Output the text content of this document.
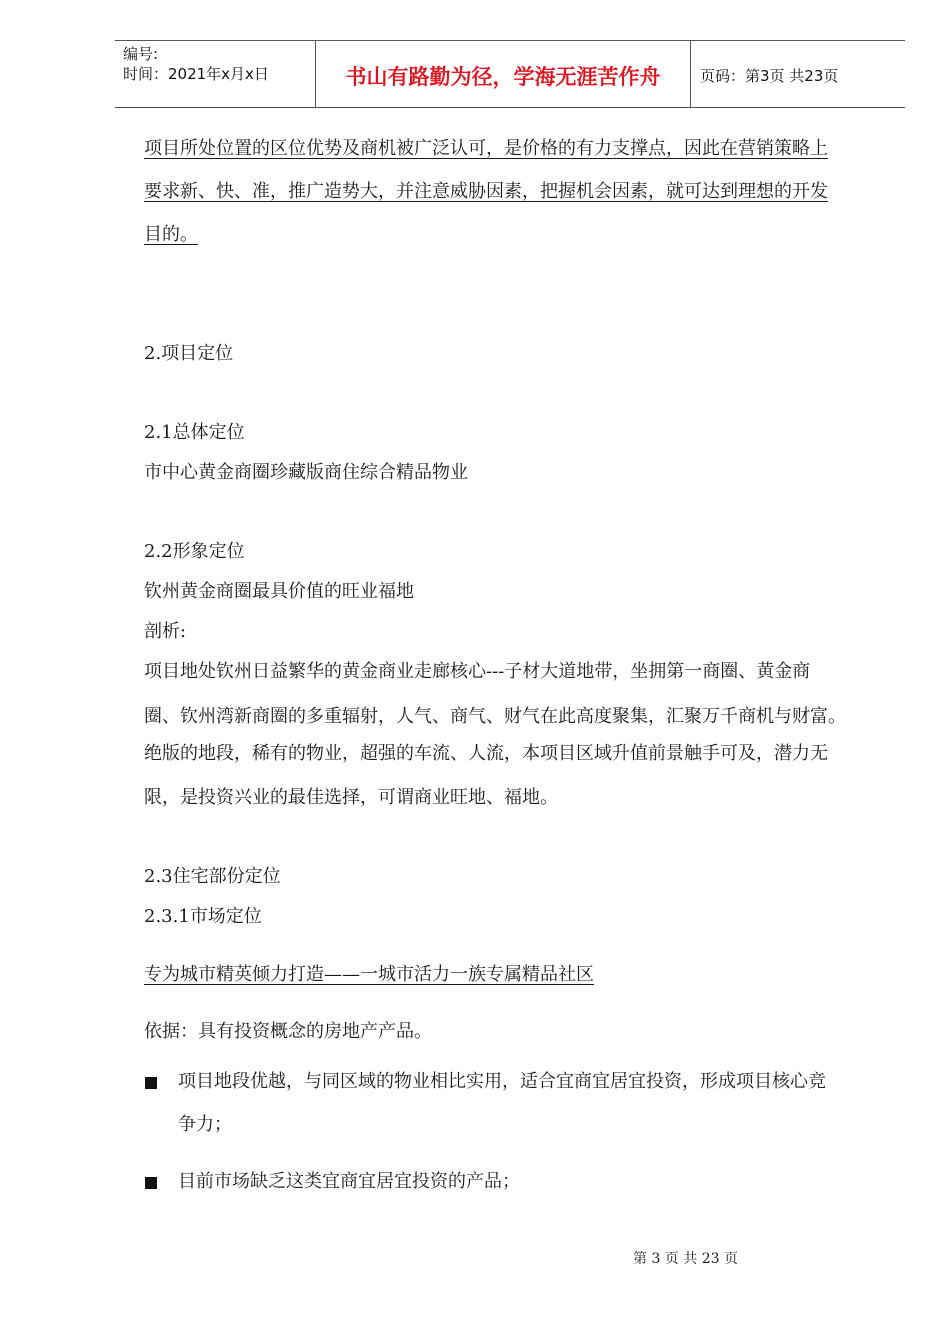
编号:
时间：2021年x月x日	书山有路勤为径，学海无涯苦作舟	页码：第3页 共23页
项目所处位置的区位优势及商机被广泛认可，是价格的有力支撑点，因此在营销策略上
要求新、快、准，推广造势大，并注意威胁因素，把握机会因素，就可达到理想的开发
目的。
2.项目定位
2.1总体定位
市中心黄金商圈珍藏版商住综合精品物业
2.2形象定位
钦州黄金商圈最具价值的旺业福地
剖析:
项目地处钦州日益繁华的黄金商业走廊核心---子材大道地带，坐拥第一商圈、黄金商
圈、钦州湾新商圈的多重辐射，人气、商气、财气在此高度聚集，汇聚万千商机与财富。
绝版的地段，稀有的物业，超强的车流、人流，本项目区域升值前景触手可及，潜力无
限，是投资兴业的最佳选择，可谓商业旺地、福地。
2.3住宅部份定位
2.3.1市场定位
专为城市精英倾力打造——一城市活力一族专属精品社区
依据：具有投资概念的房地产产品。
项目地段优越，与同区域的物业相比实用，适合宜商宜居宜投资，形成项目核心竞
争力；
目前市场缺乏这类宜商宜居宜投资的产品；
第 3 页 共 23 页
